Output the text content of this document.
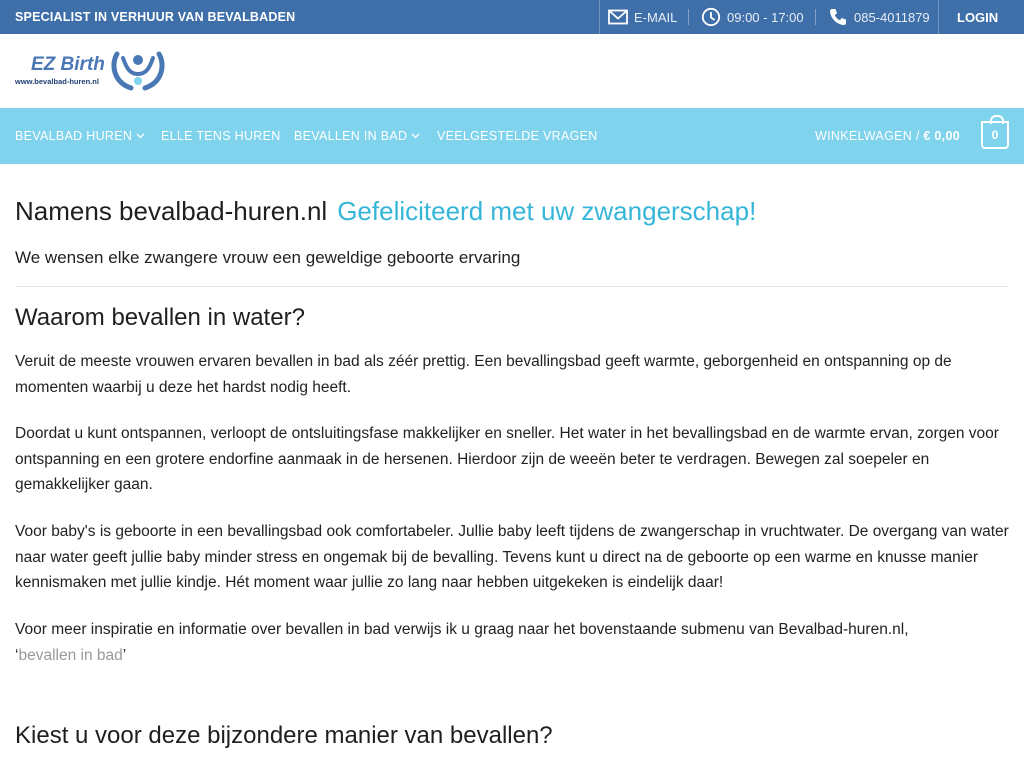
SPECIALIST IN VERHUUR VAN BEVALBADEN	E-MAIL	09:00 - 17:00	085-4011879 LOGIN
EZ Birth
www.bevalbad-huren.nl
BEVALBAD HUREN ELLE TENS HUREN BEVALLEN IN BAD VEELGESTELDE VRAGEN	WINKELWAGEN / € 0,00	0
Namens bevalbad-huren.nl Gefeliciteerd met uw zwangerschap!
We wensen elke zwangere vrouw een geweldige geboorte ervaring
Waarom bevallen in water?

Veruit de meeste vrouwen ervaren bevallen in bad als zéér prettig. Een bevallingsbad geeft warmte, geborgenheid en ontspanning op de momenten waarbij u deze het hardst nodig heeft.

Doordat u kunt ontspannen, verloopt de ontsluitingsfase makkelijker en sneller. Het water in het bevallingsbad en de warmte ervan, zorgen voor ontspanning en een grotere endorfine aanmaak in de hersenen. Hierdoor zijn de weeën beter te verdragen. Bewegen zal soepeler en gemakkelijker gaan.

Voor baby's is geboorte in een bevallingsbad ook comfortabeler. Jullie baby leeft tijdens de zwangerschap in vruchtwater. De overgang van water naar water geeft jullie baby minder stress en ongemak bij de bevalling. Tevens kunt u direct na de geboorte op een warme en knusse manier kennismaken met jullie kindje. Hét moment waar jullie zo lang naar hebben uitgekeken is eindelijk daar!

Voor meer inspiratie en informatie over bevallen in bad verwijs ik u graag naar het bovenstaande submenu van Bevalbad-huren.nl,
‘bevallen in bad’

Kiest u voor deze bijzondere manier van bevallen?
